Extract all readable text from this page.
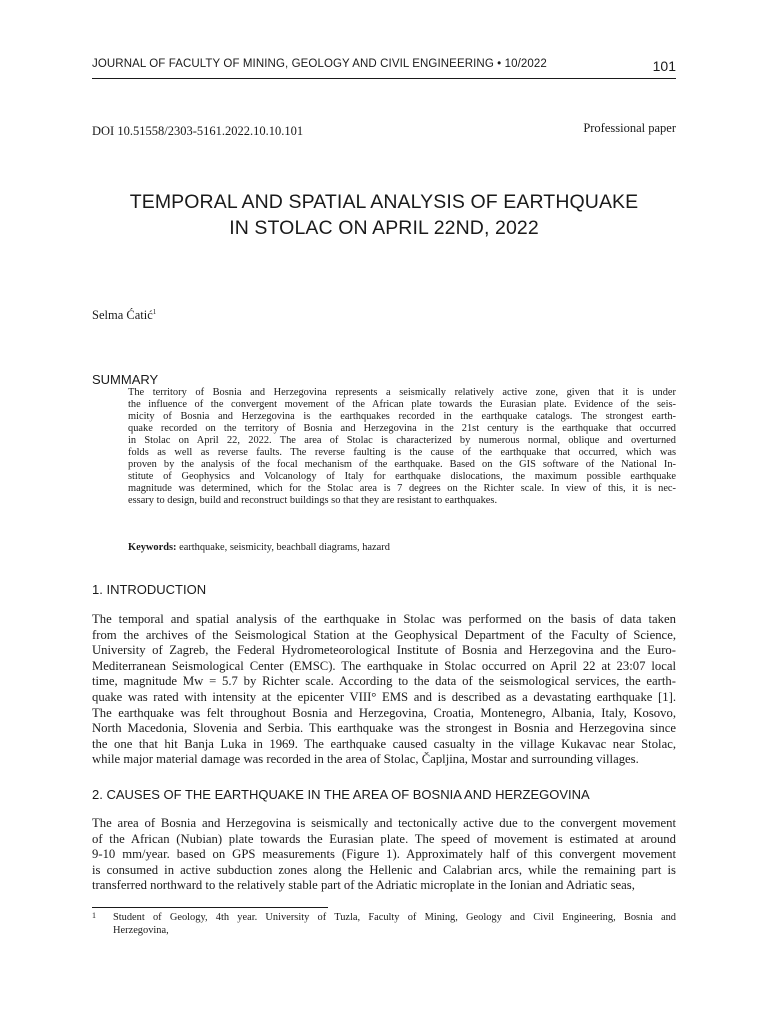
JOURNAL OF FACULTY OF MINING, GEOLOGY AND CIVIL ENGINEERING • 10/2022	101
DOI 10.51558/2303-5161.2022.10.10.101	Professional paper
TEMPORAL AND SPATIAL ANALYSIS OF EARTHQUAKE
IN STOLAC ON APRIL 22ND, 2022
Selma Ćatić$^1$
SUMMARY
The territory of Bosnia and Herzegovina represents a seismically relatively active zone, given that it is under
the influence of the convergent movement of the African plate towards the Eurasian plate. Evidence of the seis-
micity of Bosnia and Herzegovina is the earthquakes recorded in the earthquake catalogs. The strongest earth-
quake recorded on the territory of Bosnia and Herzegovina in the 21st century is the earthquake that occurred
in Stolac on April 22, 2022. The area of Stolac is characterized by numerous normal, oblique and overturned
folds as well as reverse faults. The reverse faulting is the cause of the earthquake that occurred, which was
proven by the analysis of the focal mechanism of the earthquake. Based on the GIS software of the National In-
stitute of Geophysics and Volcanology of Italy for earthquake dislocations, the maximum possible earthquake
magnitude was determined, which for the Stolac area is 7 degrees on the Richter scale. In view of this, it is nec-
essary to design, build and reconstruct buildings so that they are resistant to earthquakes.
Keywords: earthquake, seismicity, beachball diagrams, hazard
1. INTRODUCTION
The temporal and spatial analysis of the earthquake in Stolac was performed on the basis of data taken
from the archives of the Seismological Station at the Geophysical Department of the Faculty of Science,
University of Zagreb, the Federal Hydrometeorological Institute of Bosnia and Herzegovina and the Euro-
Mediterranean Seismological Center (EMSC). The earthquake in Stolac occurred on April 22 at 23:07 local
time, magnitude Mw = 5.7 by Richter scale. According to the data of the seismological services, the earth-
quake was rated with intensity at the epicenter VIII° EMS and is described as a devastating earthquake [1].
The earthquake was felt throughout Bosnia and Herzegovina, Croatia, Montenegro, Albania, Italy, Kosovo,
North Macedonia, Slovenia and Serbia. This earthquake was the strongest in Bosnia and Herzegovina since
the one that hit Banja Luka in 1969. The earthquake caused casualty in the village Kukavac near Stolac,
while major material damage was recorded in the area of Stolac, Čapljina, Mostar and surrounding villages.
2. CAUSES OF THE EARTHQUAKE IN THE AREA OF BOSNIA AND HERZEGOVINA
The area of Bosnia and Herzegovina is seismically and tectonically active due to the convergent movement
of the African (Nubian) plate towards the Eurasian plate. The speed of movement is estimated at around
9-10 mm/year. based on GPS measurements (Figure 1). Approximately half of this convergent movement
is consumed in active subduction zones along the Hellenic and Calabrian arcs, while the remaining part is
transferred northward to the relatively stable part of the Adriatic microplate in the Ionian and Adriatic seas,
1 Student of Geology, 4th year. University of Tuzla, Faculty of Mining, Geology and Civil Engineering, Bosnia and
Herzegovina,
